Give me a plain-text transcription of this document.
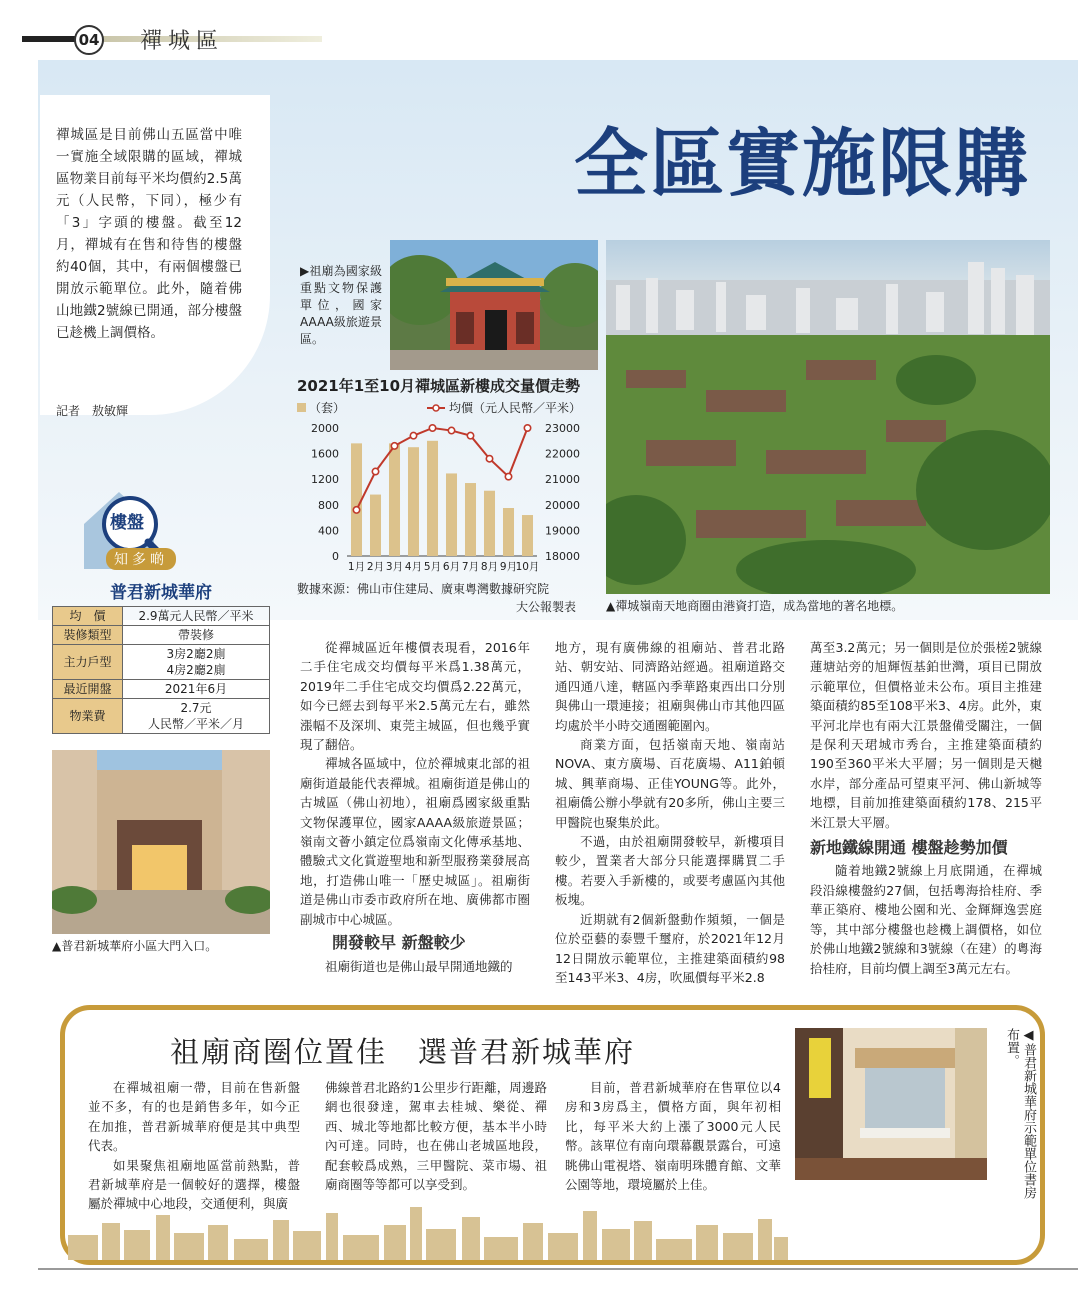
04 禪城區
全區實施限購
禪城區是目前佛山五區當中唯一實施全域限購的區域，禪城區物業目前每平米均價約2.5萬元（人民幣，下同），極少有「3」字頭的樓盤。截至12月，禪城有在售和待售的樓盤約40個，其中，有兩個樓盤已開放示範單位。此外，隨着佛山地鐵2號線已開通，部分樓盤已趁機上調價格。
記者　敖敏輝
▶祖廟為國家級重點文物保護單位，國家AAAA級旅遊景區。
2021年1至10月禪城區新樓成交量價走勢
（套）	均價（元人民幣／平米）
0
400
800
1200
1600
2000
18000
19000
20000
21000
22000
23000
1月 2月 3月 4月 5月 6月 7月 8月 9月
10月
數據來源：佛山市住建局、廣東粵灣數據研究院
大公報製表 ▲禪城嶺南天地商圈由港資打造，成為當地的著名地標。
樓盤
知多啲
普君新城華府
均　價	2.9萬元人民幣／平米
裝修類型	帶裝修
主力戶型	3房2廳2廁
4房2廳2廁
最近開盤	2021年6月
物業費	2.7元
人民幣／平米／月
▲普君新城華府小區大門入口。

從禪城區近年樓價表現看，2016年二手住宅成交均價每平米爲1.38萬元，2019年二手住宅成交均價爲2.22萬元，如今已經去到每平米2.5萬元左右，雖然漲幅不及深圳、東莞主城區，但也幾乎實現了翻倍。

禪城各區域中，位於禪城東北部的祖廟街道最能代表禪城。祖廟街道是佛山的古城區（佛山初地），祖廟爲國家級重點文物保護單位，國家AAAA級旅遊景區；嶺南文薈小鎮定位爲嶺南文化傳承基地、體驗式文化賞遊聖地和新型服務業發展高地，打造佛山唯一「歷史城區」。祖廟街道是佛山市委市政府所在地、廣佛都市圈副城市中心城區。

開發較早 新盤較少

祖廟街道也是佛山最早開通地鐵的

地方，現有廣佛線的祖廟站、普君北路站、朝安站、同濟路站經過。祖廟道路交通四通八達，轄區內季華路東西出口分別與佛山一環連接；祖廟與佛山市其他四區均處於半小時交通圈範圍內。

商業方面，包括嶺南天地、嶺南站NOVA、東方廣場、百花廣場、A11鉑頓城、興華商場、正佳YOUNG等。此外，祖廟僑公辦小學就有20多所，佛山主要三甲醫院也聚集於此。

不過，由於祖廟開發較早，新樓項目較少，置業者大部分只能選擇購買二手樓。若要入手新樓的，或要考慮區內其他板塊。

近期就有2個新盤動作頻頻，一個是位於亞藝的泰豐千璽府，於2021年12月12日開放示範單位，主推建築面積約98至143平米3、4房，吹風價每平米2.8

萬至3.2萬元；另一個則是位於張槎2號線蓮塘站旁的旭輝恆基鉑世灣，項目已開放示範單位，但價格並未公布。項目主推建築面積約85至108平米3、4房。此外，東平河北岸也有兩大江景盤備受關注，一個是保利天珺城市秀台，主推建築面積約190至360平米大平層；另一個則是天樾水岸，部分產品可望東平河、佛山新城等地標，目前加推建築面積約178、215平米江景大平層。

新地鐵線開通 樓盤趁勢加價

隨着地鐵2號線上月底開通，在禪城段沿線樓盤約27個，包括粵海拾桂府、季華正築府、樓地公園和光、金輝輝逸雲庭等，其中部分樓盤也趁機上調價格，如位於佛山地鐵2號線和3號線（在建）的粵海拾桂府，目前均價上調至3萬元左右。

祖廟商圈位置佳　選普君新城華府

在禪城祖廟一帶，目前在售新盤並不多，有的也是銷售多年，如今正在加推，普君新城華府便是其中典型代表。

如果聚焦祖廟地區當前熱點，普君新城華府是一個較好的選擇，樓盤屬於禪城中心地段，交通便利，與廣

佛線普君北路約1公里步行距離，周邊路網也很發達，駕車去桂城、樂從、禪西、城北等地都比較方便，基本半小時內可達。同時，也在佛山老城區地段，配套較爲成熟，三甲醫院、菜市場、祖廟商圈等等都可以享受到。

目前，普君新城華府在售單位以4房和3房爲主，價格方面，與年初相比，每平米大約上漲了3000元人民幣。該單位有南向環幕觀景露台，可遠眺佛山電視塔、嶺南明珠體育館、文華公園等地，環境屬於上佳。	◀普君新城華府示範單位書房布置。
